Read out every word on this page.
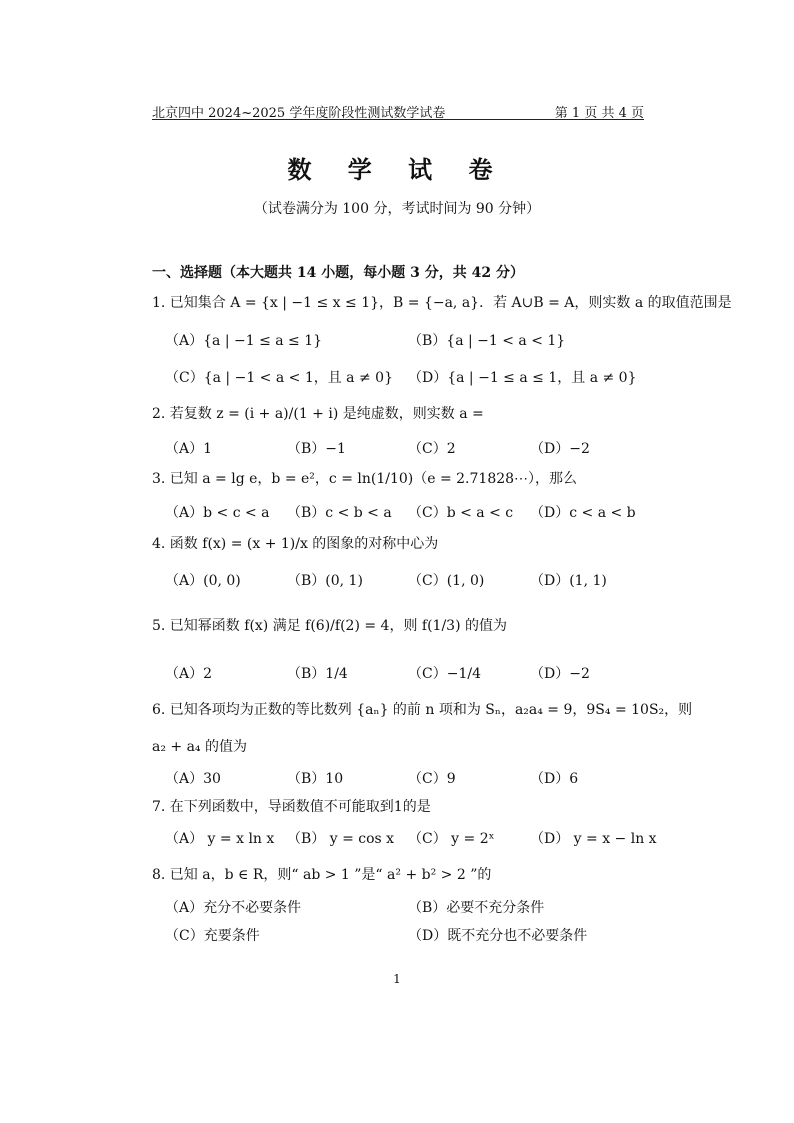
北京四中 2024~2025 学年度阶段性测试数学试卷	第 1 页 共 4 页
数 学 试 卷
（试卷满分为 100 分，考试时间为 90 分钟）
一、选择题（本大题共 14 小题，每小题 3 分，共 42 分）
1. 已知集合 A = {x | −1 ≤ x ≤ 1}，B = {−a, a}．若 A∪B = A，则实数 a 的取值范围是
（A）{a | −1 ≤ a ≤ 1}	（B）{a | −1 < a < 1}
（C）{a | −1 < a < 1，且 a ≠ 0} （D）{a | −1 ≤ a ≤ 1，且 a ≠ 0}
2. 若复数 z = (i + a)/(1 + i) 是纯虚数，则实数 a =
（A）1	（B）−1	（C）2	（D）−2
3. 已知 a = lg e，b = e²，c = ln(1/10)（e = 2.71828⋯），那么
（A）b < c < a （B）c < b < a （C）b < a < c （D）c < a < b
4. 函数 f(x) = (x + 1)/x 的图象的对称中心为
（A）(0, 0)	（B）(0, 1)	（C）(1, 0)	（D）(1, 1)
5. 已知幂函数 f(x) 满足 f(6)/f(2) = 4，则 f(1/3) 的值为
（A）2	（B）1/4	（C）−1/4	（D）−2
6. 已知各项均为正数的等比数列 {aₙ} 的前 n 项和为 Sₙ，a₂a₄ = 9，9S₄ = 10S₂，则
a₂ + a₄ 的值为
（A）30	（B）10	（C）9	（D）6
7. 在下列函数中，导函数值不可能取到1的是
（A） y = x ln x （B） y = cos x （C） y = 2ˣ	（D） y = x − ln x
8. 已知 a，b ∈ R，则“ ab > 1 ”是“ a² + b² > 2 ”的
（A）充分不必要条件	（B）必要不充分条件
（C）充要条件	（D）既不充分也不必要条件
1
